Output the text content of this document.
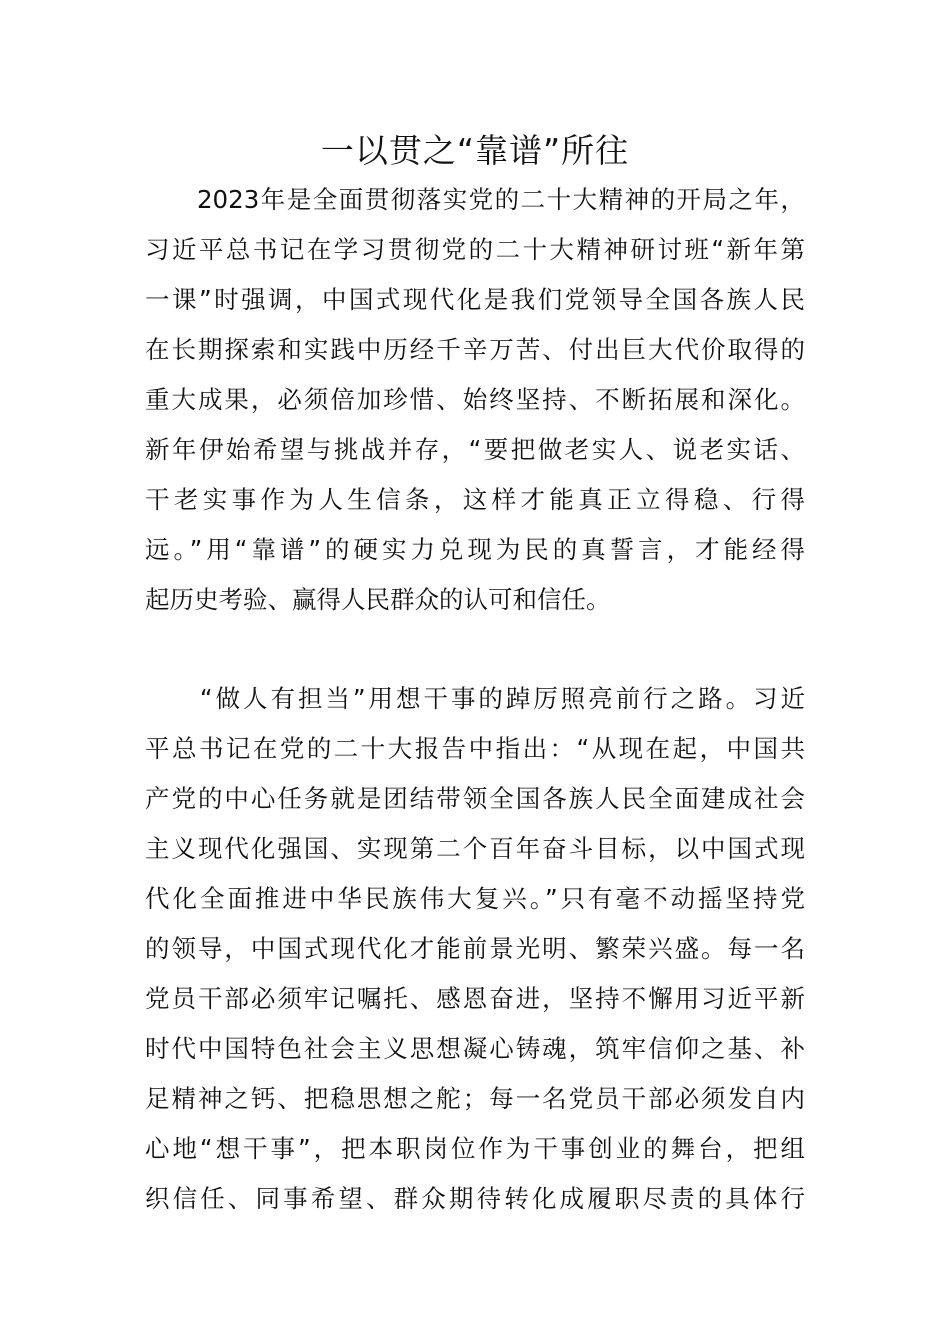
一以贯之“靠谱”所往

　　2023年是全面贯彻落实党的二十大精神的开局之年，

习近平总书记在学习贯彻党的二十大精神研讨班“新年第

一课”时强调，中国式现代化是我们党领导全国各族人民

在长期探索和实践中历经千辛万苦、付出巨大代价取得的

重大成果，必须倍加珍惜、始终坚持、不断拓展和深化。

新年伊始希望与挑战并存，“要把做老实人、说老实话、

干老实事作为人生信条，这样才能真正立得稳、行得

远。”用“靠谱”的硬实力兑现为民的真誓言，才能经得

起历史考验、赢得人民群众的认可和信任。

　　“做人有担当”用想干事的踔厉照亮前行之路。习近

平总书记在党的二十大报告中指出：“从现在起，中国共

产党的中心任务就是团结带领全国各族人民全面建成社会

主义现代化强国、实现第二个百年奋斗目标，以中国式现

代化全面推进中华民族伟大复兴。”只有毫不动摇坚持党

的领导，中国式现代化才能前景光明、繁荣兴盛。每一名

党员干部必须牢记嘱托、感恩奋进，坚持不懈用习近平新

时代中国特色社会主义思想凝心铸魂，筑牢信仰之基、补

足精神之钙、把稳思想之舵；每一名党员干部必须发自内

心地“想干事”，把本职岗位作为干事创业的舞台，把组

织信任、同事希望、群众期待转化成履职尽责的具体行
